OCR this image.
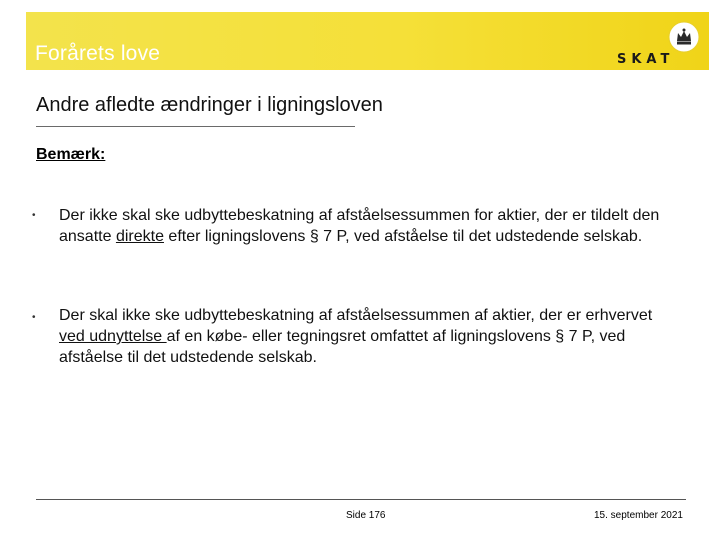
Forårets love	SKAT
Andre afledte ændringer i ligningsloven
Bemærk:
• Der ikke skal ske udbyttebeskatning af afståelsessummen for aktier, der er tildelt den ansatte direkte efter ligningslovens § 7 P, ved afståelse til det udstedende selskab.
• Der skal ikke ske udbyttebeskatning af afståelsessummen af aktier, der er erhvervet ved udnyttelse af en købe- eller tegningsret omfattet af ligningslovens § 7 P, ved afståelse til det udstedende selskab.
Side 176	15. september 2021
